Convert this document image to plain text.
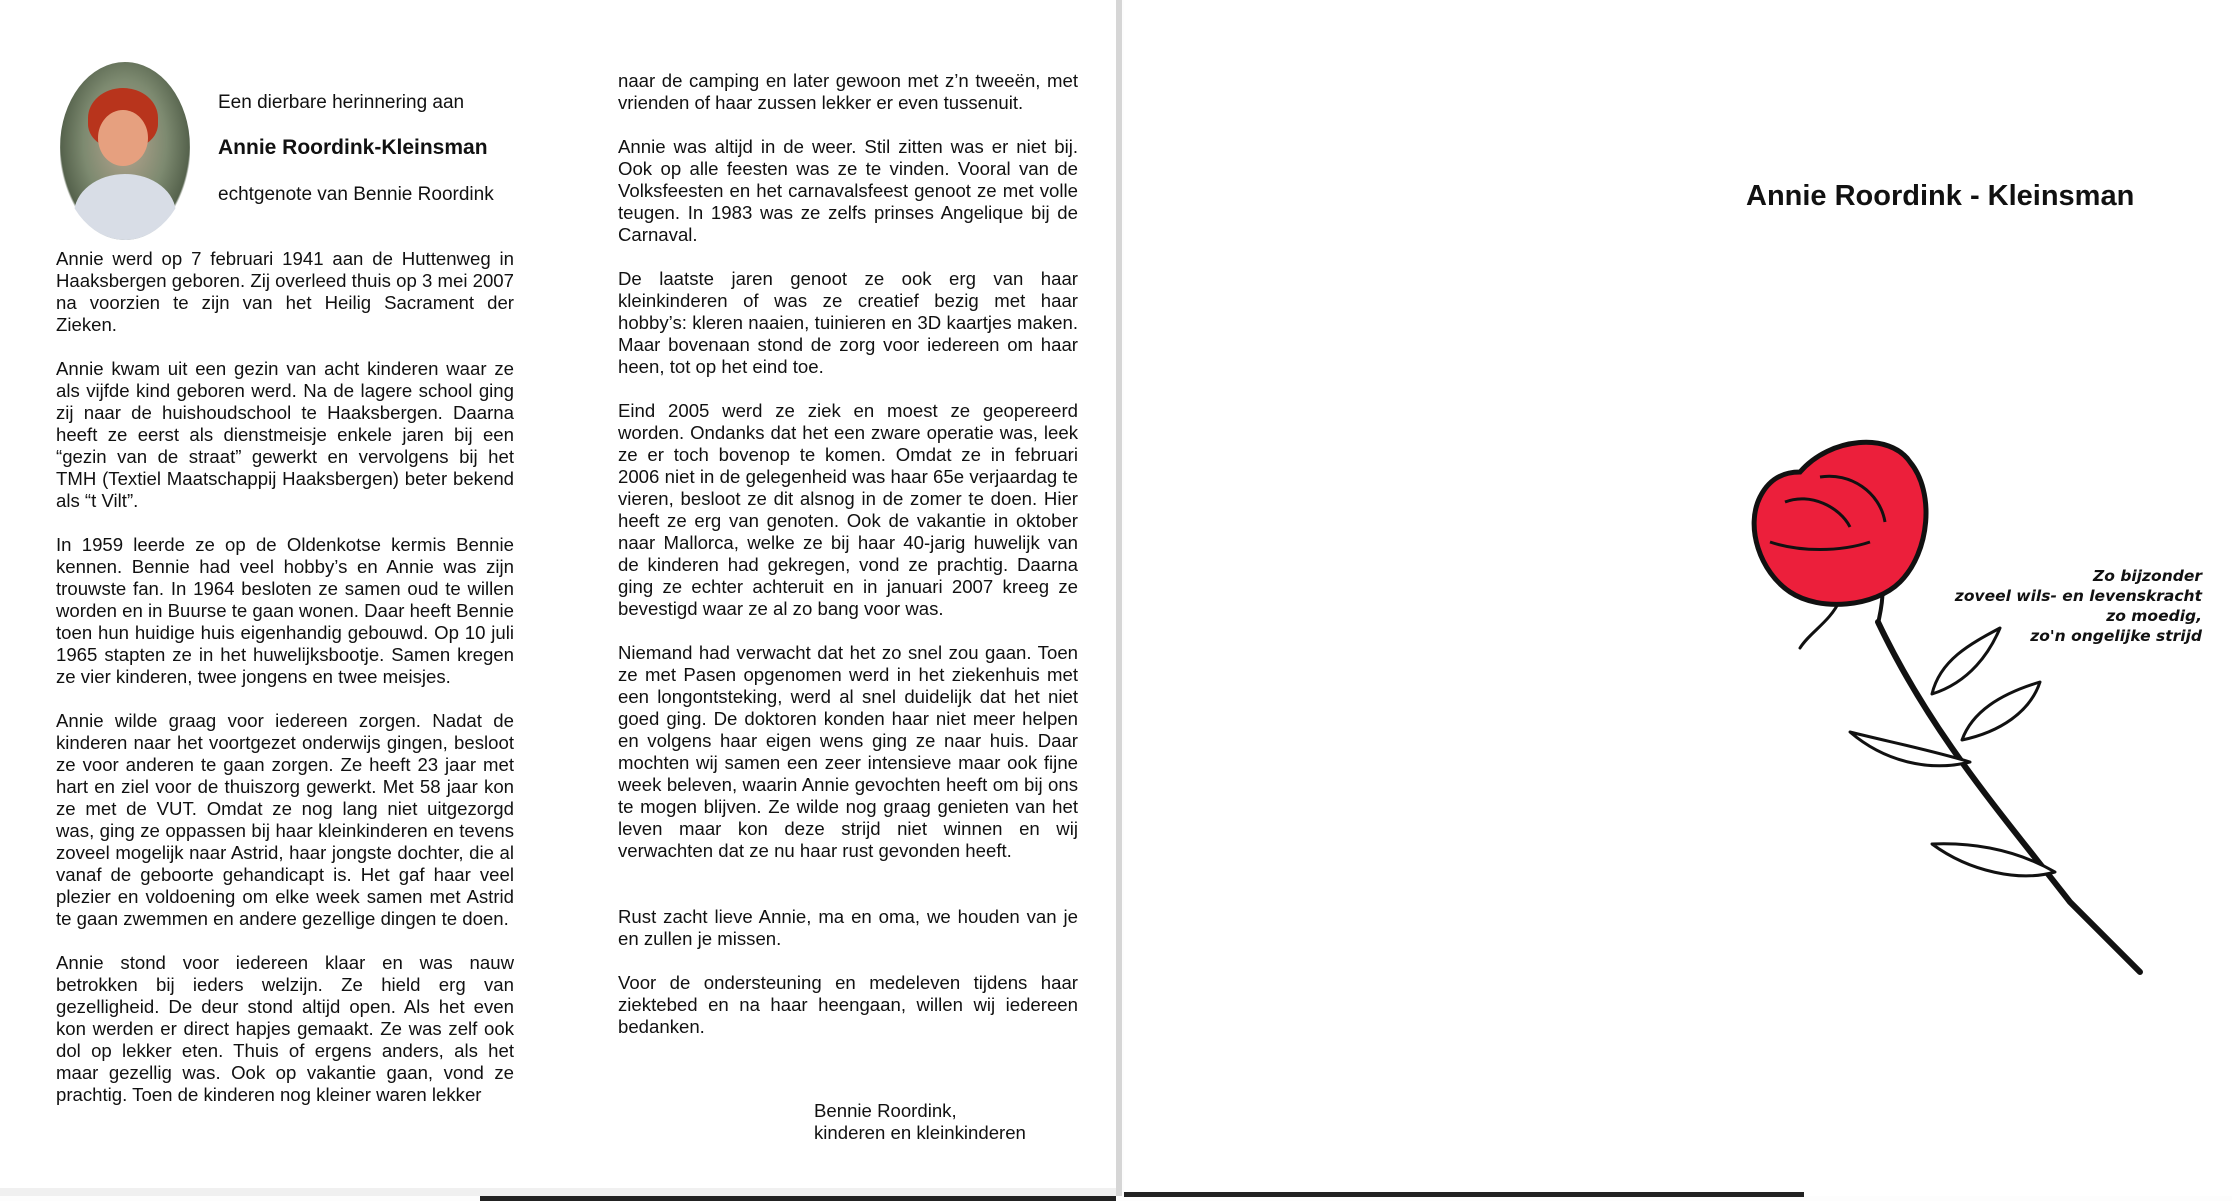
Een dierbare herinnering aan
Annie Roordink-Kleinsman
echtgenote van Bennie Roordink

Annie werd op 7 februari 1941 aan de Huttenweg in Haaksbergen geboren. Zij overleed thuis op 3 mei 2007 na voorzien te zijn van het Heilig Sacrament der Zieken.

Annie kwam uit een gezin van acht kinderen waar ze als vijfde kind geboren werd. Na de lagere school ging zij naar de huishoudschool te Haaksbergen. Daarna heeft ze eerst als dienstmeisje enkele jaren bij een “gezin van de straat” gewerkt en vervolgens bij het TMH (Textiel Maatschappij Haaksbergen) beter bekend als “t Vilt”.

In 1959 leerde ze op de Oldenkotse kermis Bennie kennen. Bennie had veel hobby’s en Annie was zijn trouwste fan. In 1964 besloten ze samen oud te willen worden en in Buurse te gaan wonen. Daar heeft Bennie toen hun huidige huis eigenhandig gebouwd. Op 10 juli 1965 stapten ze in het huwelijksbootje. Samen kregen ze vier kinderen, twee jongens en twee meisjes.

Annie wilde graag voor iedereen zorgen. Nadat de kinderen naar het voortgezet onderwijs gingen, besloot ze voor anderen te gaan zorgen. Ze heeft 23 jaar met hart en ziel voor de thuiszorg gewerkt. Met 58 jaar kon ze met de VUT. Omdat ze nog lang niet uitgezorgd was, ging ze oppassen bij haar kleinkinderen en tevens zoveel mogelijk naar Astrid, haar jongste dochter, die al vanaf de geboorte gehandicapt is. Het gaf haar veel plezier en voldoening om elke week samen met Astrid te gaan zwemmen en andere gezellige dingen te doen.

Annie stond voor iedereen klaar en was nauw betrokken bij ieders welzijn. Ze hield erg van gezelligheid. De deur stond altijd open. Als het even kon werden er direct hapjes gemaakt. Ze was zelf ook dol op lekker eten. Thuis of ergens anders, als het maar gezellig was. Ook op vakantie gaan, vond ze prachtig. Toen de kinderen nog kleiner waren lekker

naar de camping en later gewoon met z’n tweeën, met vrienden of haar zussen lekker er even tussenuit.

Annie was altijd in de weer. Stil zitten was er niet bij. Ook op alle feesten was ze te vinden. Vooral van de Volksfeesten en het carnavalsfeest genoot ze met volle teugen. In 1983 was ze zelfs prinses Angelique bij de Carnaval.

De laatste jaren genoot ze ook erg van haar kleinkinderen of was ze creatief bezig met haar hobby’s: kleren naaien, tuinieren en 3D kaartjes maken. Maar bovenaan stond de zorg voor iedereen om haar heen, tot op het eind toe.

Eind 2005 werd ze ziek en moest ze geopereerd worden. Ondanks dat het een zware operatie was, leek ze er toch bovenop te komen. Omdat ze in februari 2006 niet in de gelegenheid was haar 65e verjaardag te vieren, besloot ze dit alsnog in de zomer te doen. Hier heeft ze erg van genoten. Ook de vakantie in oktober naar Mallorca, welke ze bij haar 40-jarig huwelijk van de kinderen had gekregen, vond ze prachtig. Daarna ging ze echter achteruit en in januari 2007 kreeg ze bevestigd waar ze al zo bang voor was.

Niemand had verwacht dat het zo snel zou gaan. Toen ze met Pasen opgenomen werd in het ziekenhuis met een longontsteking, werd al snel duidelijk dat het niet goed ging. De doktoren konden haar niet meer helpen en volgens haar eigen wens ging ze naar huis. Daar mochten wij samen een zeer intensieve maar ook fijne week beleven, waarin Annie gevochten heeft om bij ons te mogen blijven. Ze wilde nog graag genieten van het leven maar kon deze strijd niet winnen en wij verwachten dat ze nu haar rust gevonden heeft.

Rust zacht lieve Annie, ma en oma, we houden van je en zullen je missen.

Voor de ondersteuning en medeleven tijdens haar ziektebed en na haar heengaan, willen wij iedereen bedanken.

Bennie Roordink,
kinderen en kleinkinderen
Annie Roordink - Kleinsman
Zo bijzonder
zoveel wils- en levenskracht
zo moedig,
zo'n ongelijke strijd
